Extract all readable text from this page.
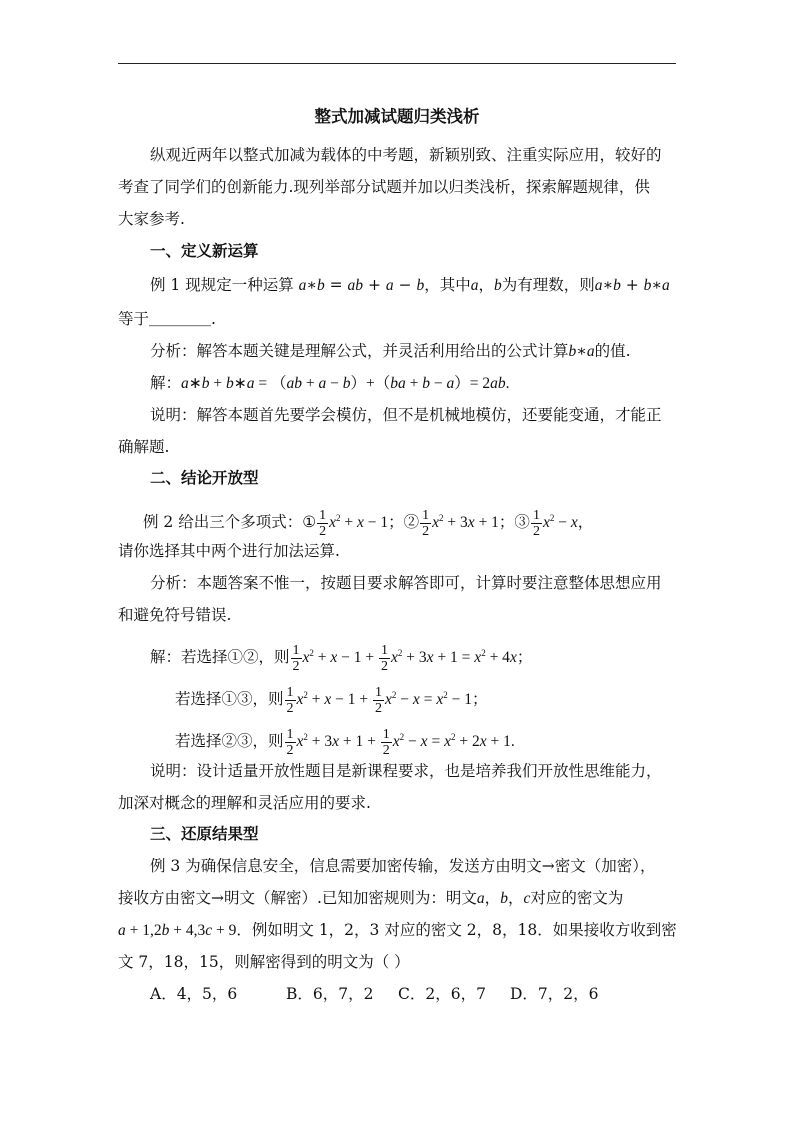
整式加减试题归类浅析
纵观近两年以整式加减为载体的中考题，新颖别致、注重实际应用，较好的
考查了同学们的创新能力.现列举部分试题并加以归类浅析，探索解题规律，供
大家参考.
一、定义新运算
例 1 现规定一种运算 a∗b = ab + a − b，其中a，b为有理数，则a∗b + b∗a
等于＿＿＿＿.
分析：解答本题关键是理解公式，并灵活利用给出的公式计算b∗a的值.
解：a∗b + b∗a = （ab + a − b）+（ba + b − a）= 2ab.
说明：解答本题首先要学会模仿，但不是机械地模仿，还要能变通，才能正
确解题.
二、结论开放型
例 2 给出三个多项式：① $\frac{1}{2} x^2 + x - 1$；② $\frac{1}{2} x^2 + 3x + 1$；③ $\frac{1}{2} x^2 - x$，
请你选择其中两个进行加法运算.
分析：本题答案不惟一，按题目要求解答即可，计算时要注意整体思想应用
和避免符号错误.
解：若选择①②，则 $\frac{1}{2} x^2 + x - 1 + \frac{1}{2} x^2 + 3x + 1 = x^2 + 4x$；
若选择①③，则 $\frac{1}{2} x^2 + x - 1 + \frac{1}{2} x^2 - x = x^2 - 1$；
若选择②③，则 $\frac{1}{2} x^2 + 3x + 1 + \frac{1}{2} x^2 - x = x^2 + 2x + 1$.
说明：设计适量开放性题目是新课程要求，也是培养我们开放性思维能力，
加深对概念的理解和灵活应用的要求.
三、还原结果型
例 3 为确保信息安全，信息需要加密传输，发送方由明文→密文（加密），
接收方由密文→明文（解密）.已知加密规则为：明文a，b，c对应的密文为
a + 1,2b + 4,3c + 9．例如明文 1，2，3 对应的密文 2，8，18．如果接收方收到密
文 7，18，15，则解密得到的明文为（ ）
A．4，5，6	B．6，7，2 C．2，6，7 D．7，2，6
